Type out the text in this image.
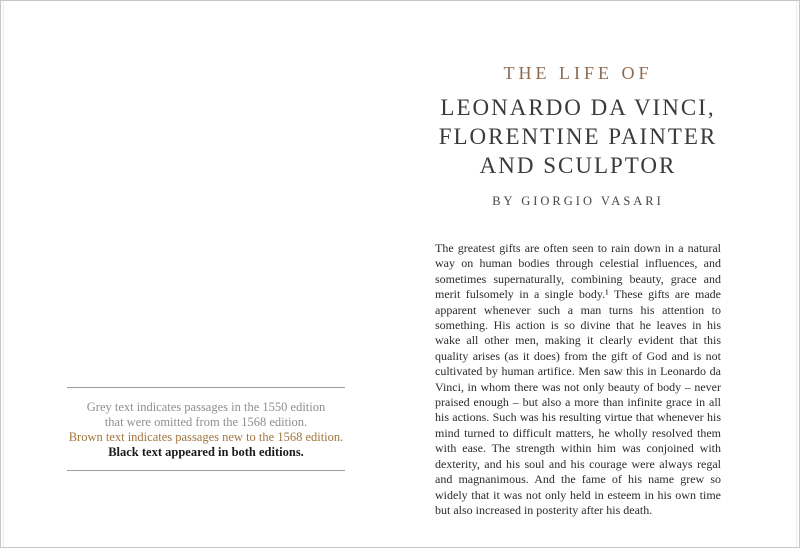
Grey text indicates passages in the 1550 edition

that were omitted from the 1568 edition.

Brown text indicates passages new to the 1568 edition.

Black text appeared in both editions.

THE LIFE OF
LEONARDO DA VINCI,
FLORENTINE PAINTER
AND SCULPTOR
BY GIORGIO VASARI

The greatest gifts are often seen to rain down in a natural way on human bodies through celestial influences, and sometimes supernaturally, combining beauty, grace and merit fulsomely in a single body.¹ These gifts are made apparent whenever such a man turns his attention to something. His action is so divine that he leaves in his wake all other men, making it clearly evident that this quality arises (as it does) from the gift of God and is not cultivated by human artifice. Men saw this in Leonardo da Vinci, in whom there was not only beauty of body – never praised enough – but also a more than infinite grace in all his actions. Such was his resulting virtue that whenever his mind turned to difficult matters, he wholly resolved them with ease. The strength within him was conjoined with dexterity, and his soul and his courage were always regal and magnanimous. And the fame of his name grew so widely that it was not only held in esteem in his own time but also increased in posterity after his death.
